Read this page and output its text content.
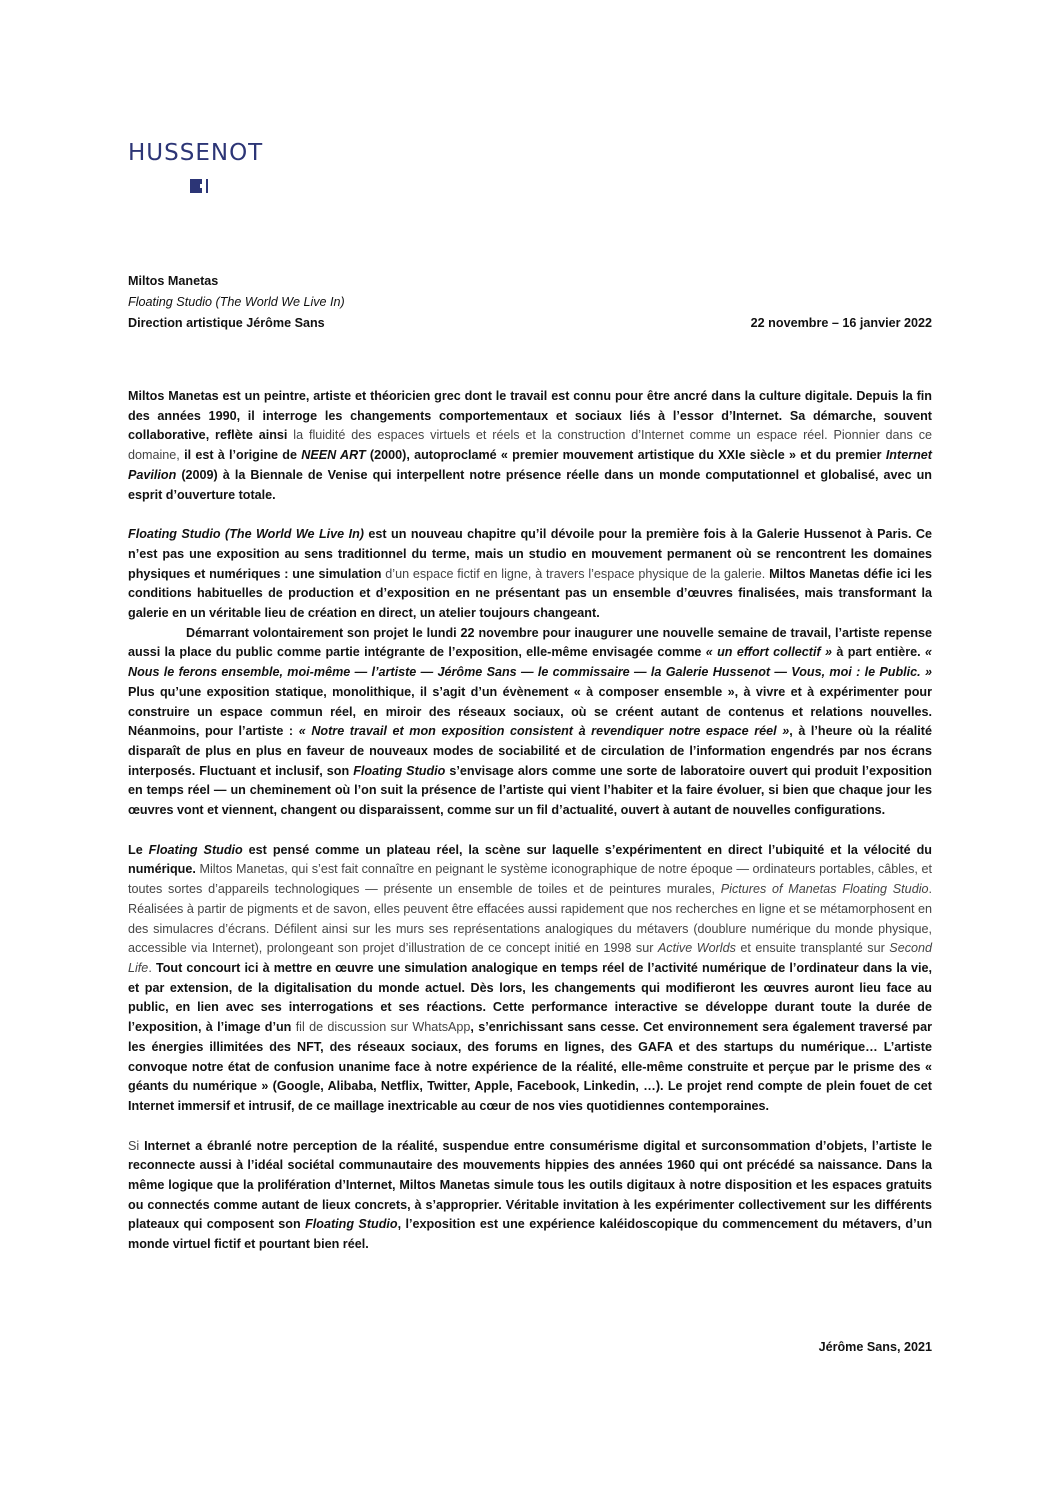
HUSSENOT
Miltos Manetas
Floating Studio (The World We Live In)
Direction artistique Jérôme Sans	22 novembre – 16 janvier 2022

Miltos Manetas est un peintre, artiste et théoricien grec dont le travail est connu pour être ancré dans la culture digitale. Depuis la fin des années 1990, il interroge les changements comportementaux et sociaux liés à l’essor d’Internet. Sa démarche, souvent collaborative, reflète ainsi la fluidité des espaces virtuels et réels et la construction d’Internet comme un espace réel. Pionnier dans ce domaine, il est à l’origine de NEEN ART (2000), autoproclamé « premier mouvement artistique du XXIe siècle » et du premier Internet Pavilion (2009) à la Biennale de Venise qui interpellent notre présence réelle dans un monde computationnel et globalisé, avec un esprit d’ouverture totale.

Floating Studio (The World We Live In) est un nouveau chapitre qu’il dévoile pour la première fois à la Galerie Hussenot à Paris. Ce n’est pas une exposition au sens traditionnel du terme, mais un studio en mouvement permanent où se rencontrent les domaines physiques et numériques : une simulation d’un espace fictif en ligne, à travers l’espace physique de la galerie. Miltos Manetas défie ici les conditions habituelles de production et d’exposition en ne présentant pas un ensemble d’œuvres finalisées, mais transformant la galerie en un véritable lieu de création en direct, un atelier toujours changeant.

Démarrant volontairement son projet le lundi 22 novembre pour inaugurer une nouvelle semaine de travail, l’artiste repense aussi la place du public comme partie intégrante de l’exposition, elle-même envisagée comme « un effort collectif » à part entière. « Nous le ferons ensemble, moi-même — l’artiste — Jérôme Sans — le commissaire — la Galerie Hussenot — Vous, moi : le Public. » Plus qu’une exposition statique, monolithique, il s’agit d’un évènement « à composer ensemble », à vivre et à expérimenter pour construire un espace commun réel, en miroir des réseaux sociaux, où se créent autant de contenus et relations nouvelles. Néanmoins, pour l’artiste : « Notre travail et mon exposition consistent à revendiquer notre espace réel », à l’heure où la réalité disparaît de plus en plus en faveur de nouveaux modes de sociabilité et de circulation de l’information engendrés par nos écrans interposés. Fluctuant et inclusif, son Floating Studio s’envisage alors comme une sorte de laboratoire ouvert qui produit l’exposition en temps réel — un cheminement où l’on suit la présence de l’artiste qui vient l’habiter et la faire évoluer, si bien que chaque jour les œuvres vont et viennent, changent ou disparaissent, comme sur un fil d’actualité, ouvert à autant de nouvelles configurations.

Le Floating Studio est pensé comme un plateau réel, la scène sur laquelle s’expérimentent en direct l’ubiquité et la vélocité du numérique. Miltos Manetas, qui s’est fait connaître en peignant le système iconographique de notre époque — ordinateurs portables, câbles, et toutes sortes d’appareils technologiques — présente un ensemble de toiles et de peintures murales, Pictures of Manetas Floating Studio. Réalisées à partir de pigments et de savon, elles peuvent être effacées aussi rapidement que nos recherches en ligne et se métamorphosent en des simulacres d’écrans. Défilent ainsi sur les murs ses représentations analogiques du métavers (doublure numérique du monde physique, accessible via Internet), prolongeant son projet d’illustration de ce concept initié en 1998 sur Active Worlds et ensuite transplanté sur Second Life. Tout concourt ici à mettre en œuvre une simulation analogique en temps réel de l’activité numérique de l’ordinateur dans la vie, et par extension, de la digitalisation du monde actuel. Dès lors, les changements qui modifieront les œuvres auront lieu face au public, en lien avec ses interrogations et ses réactions. Cette performance interactive se développe durant toute la durée de l’exposition, à l’image d’un fil de discussion sur WhatsApp, s’enrichissant sans cesse. Cet environnement sera également traversé par les énergies illimitées des NFT, des réseaux sociaux, des forums en lignes, des GAFA et des startups du numérique… L’artiste convoque notre état de confusion unanime face à notre expérience de la réalité, elle-même construite et perçue par le prisme des « géants du numérique » (Google, Alibaba, Netflix, Twitter, Apple, Facebook, Linkedin, …). Le projet rend compte de plein fouet de cet Internet immersif et intrusif, de ce maillage inextricable au cœur de nos vies quotidiennes contemporaines.

Si Internet a ébranlé notre perception de la réalité, suspendue entre consumérisme digital et surconsommation d’objets, l’artiste le reconnecte aussi à l’idéal sociétal communautaire des mouvements hippies des années 1960 qui ont précédé sa naissance. Dans la même logique que la prolifération d’Internet, Miltos Manetas simule tous les outils digitaux à notre disposition et les espaces gratuits ou connectés comme autant de lieux concrets, à s’approprier. Véritable invitation à les expérimenter collectivement sur les différents plateaux qui composent son Floating Studio, l’exposition est une expérience kaléidoscopique du commencement du métavers, d’un monde virtuel fictif et pourtant bien réel.

Jérôme Sans, 2021
